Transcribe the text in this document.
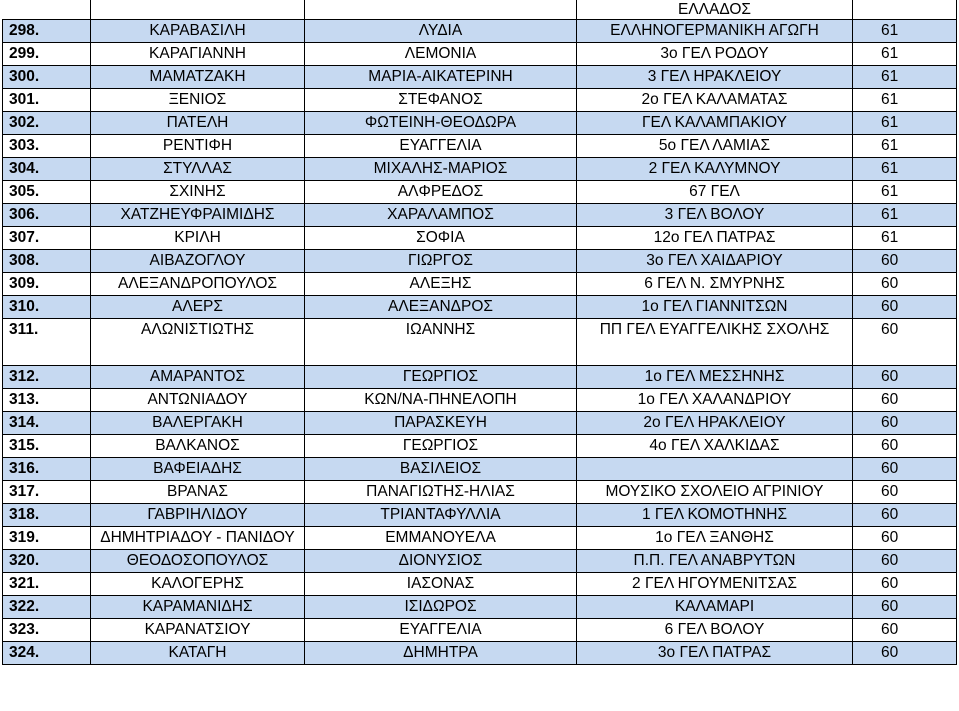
			ΕΛΛΑΔΟΣ	
298.	ΚΑΡΑΒΑΣΙΛΗ	ΛΥΔΙΑ	ΕΛΛΗΝΟΓΕΡΜΑΝΙΚΗ ΑΓΩΓΗ	61
299.	ΚΑΡΑΓΙΑΝΝΗ	ΛΕΜΟΝΙΑ	3ο ΓΕΛ ΡΟΔΟΥ	61
300.	ΜΑΜΑΤΖΑΚΗ	ΜΑΡΙΑ-ΑΙΚΑΤΕΡΙΝΗ	3 ΓΕΛ ΗΡΑΚΛΕΙΟΥ	61
301.	ΞΕΝΙΟΣ	ΣΤΕΦΑΝΟΣ	2ο ΓΕΛ ΚΑΛΑΜΑΤΑΣ	61
302.	ΠΑΤΕΛΗ	ΦΩΤΕΙΝΗ-ΘΕΟΔΩΡΑ	ΓΕΛ ΚΑΛΑΜΠΑΚΙΟΥ	61
303.	ΡΕΝΤΙΦΗ	ΕΥΑΓΓΕΛΙΑ	5ο ΓΕΛ ΛΑΜΙΑΣ	61
304.	ΣΤΥΛΛΑΣ	ΜΙΧΑΛΗΣ-ΜΑΡΙΟΣ	2 ΓΕΛ ΚΑΛΥΜΝΟΥ	61
305.	ΣΧΙΝΗΣ	ΑΛΦΡΕΔΟΣ	67 ΓΕΛ	61
306.	ΧΑΤΖΗΕΥΦΡΑΙΜΙΔΗΣ	ΧΑΡΑΛΑΜΠΟΣ	3 ΓΕΛ ΒΟΛΟΥ	61
307.	ΚΡΙΛΗ	ΣΟΦΙΑ	12ο ΓΕΛ ΠΑΤΡΑΣ	61
308.	ΑΙΒΑΖΟΓΛΟΥ	ΓΙΩΡΓΟΣ	3ο ΓΕΛ ΧΑΙΔΑΡΙΟΥ	60
309.	ΑΛΕΞΑΝΔΡΟΠΟΥΛΟΣ	ΑΛΕΞΗΣ	6 ΓΕΛ Ν. ΣΜΥΡΝΗΣ	60
310.	ΑΛΕΡΣ	ΑΛΕΞΑΝΔΡΟΣ	1ο ΓΕΛ ΓΙΑΝΝΙΤΣΩΝ	60
311.	ΑΛΩΝΙΣΤΙΩΤΗΣ	ΙΩΑΝΝΗΣ	ΠΠ ΓΕΛ ΕΥΑΓΓΕΛΙΚΗΣ ΣΧΟΛΗΣ	60
312.	ΑΜΑΡΑΝΤΟΣ	ΓΕΩΡΓΙΟΣ	1ο ΓΕΛ ΜΕΣΣΗΝΗΣ	60
313.	ΑΝΤΩΝΙΑΔΟΥ	ΚΩΝ/ΝΑ-ΠΗΝΕΛΟΠΗ	1ο ΓΕΛ ΧΑΛΑΝΔΡΙΟΥ	60
314.	ΒΑΛΕΡΓΑΚΗ	ΠΑΡΑΣΚΕΥΗ	2ο ΓΕΛ ΗΡΑΚΛΕΙΟΥ	60
315.	ΒΑΛΚΑΝΟΣ	ΓΕΩΡΓΙΟΣ	4ο ΓΕΛ ΧΑΛΚΙΔΑΣ	60
316.	ΒΑΦΕΙΑΔΗΣ	ΒΑΣΙΛΕΙΟΣ		60
317.	ΒΡΑΝΑΣ	ΠΑΝΑΓΙΩΤΗΣ-ΗΛΙΑΣ	ΜΟΥΣΙΚΟ ΣΧΟΛΕΙΟ ΑΓΡΙΝΙΟΥ	60
318.	ΓΑΒΡΙΗΛΙΔΟΥ	ΤΡΙΑΝΤΑΦΥΛΛΙΑ	1 ΓΕΛ ΚΟΜΟΤΗΝΗΣ	60
319.	ΔΗΜΗΤΡΙΑΔΟΥ - ΠΑΝΙΔΟΥ	ΕΜΜΑΝΟΥΕΛΑ	1ο ΓΕΛ ΞΑΝΘΗΣ	60
320.	ΘΕΟΔΟΣΟΠΟΥΛΟΣ	ΔΙΟΝΥΣΙΟΣ	Π.Π. ΓΕΛ ΑΝΑΒΡΥΤΩΝ	60
321.	ΚΑΛΟΓΕΡΗΣ	ΙΑΣΟΝΑΣ	2 ΓΕΛ ΗΓΟΥΜΕΝΙΤΣΑΣ	60
322.	ΚΑΡΑΜΑΝΙΔΗΣ	ΙΣΙΔΩΡΟΣ	ΚΑΛΑΜΑΡΙ	60
323.	ΚΑΡΑΝΑΤΣΙΟΥ	ΕΥΑΓΓΕΛΙΑ	6 ΓΕΛ ΒΟΛΟΥ	60
324.	ΚΑΤΑΓΗ	ΔΗΜΗΤΡΑ	3ο ΓΕΛ ΠΑΤΡΑΣ	60
